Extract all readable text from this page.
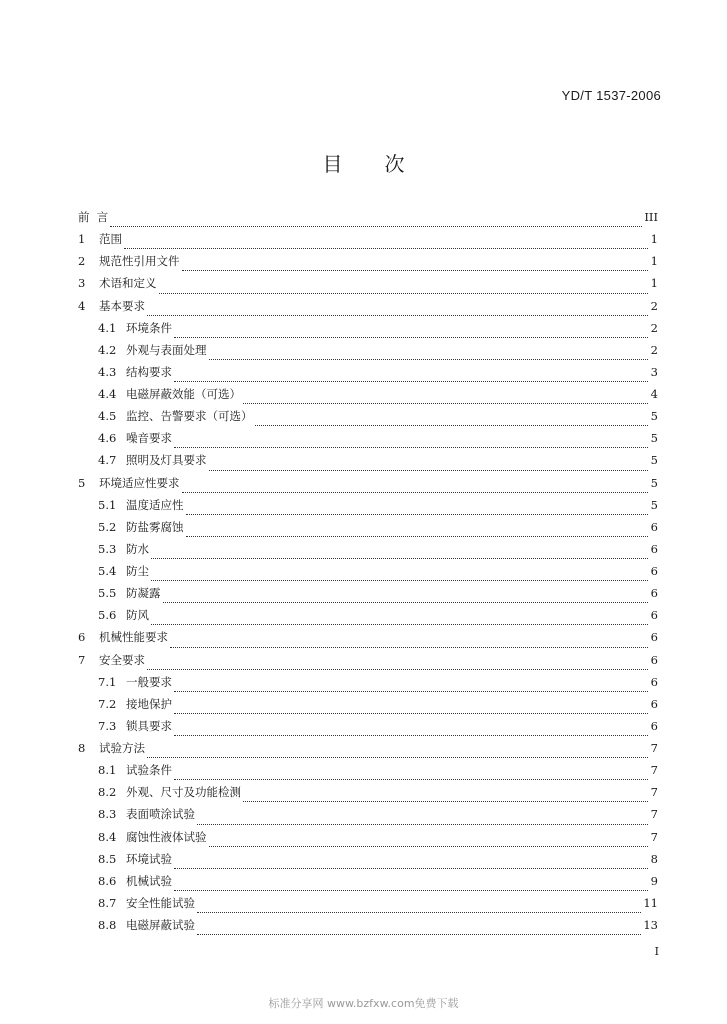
YD/T 1537-2006
目次
前  言	III
1	范围	1
2	规范性引用文件	1
3	术语和定义	1
4	基本要求	2
4.1 环境条件	2
4.2 外观与表面处理	2
4.3 结构要求	3
4.4 电磁屏蔽效能（可选）	4
4.5 监控、告警要求（可选）	5
4.6 噪音要求	5
4.7 照明及灯具要求	5
5	环境适应性要求	5
5.1 温度适应性	5
5.2 防盐雾腐蚀	6
5.3 防水	6
5.4 防尘	6
5.5 防凝露	6
5.6 防风	6
6	机械性能要求	6
7	安全要求	6
7.1 一般要求	6
7.2 接地保护	6
7.3 锁具要求	6
8	试验方法	7
8.1 试验条件	7
8.2 外观、尺寸及功能检测	7
8.3 表面喷涂试验	7
8.4 腐蚀性液体试验	7
8.5 环境试验	8
8.6 机械试验	9
8.7 安全性能试验	11
8.8 电磁屏蔽试验	13
I
标准分享网 www.bzfxw.com免费下载
